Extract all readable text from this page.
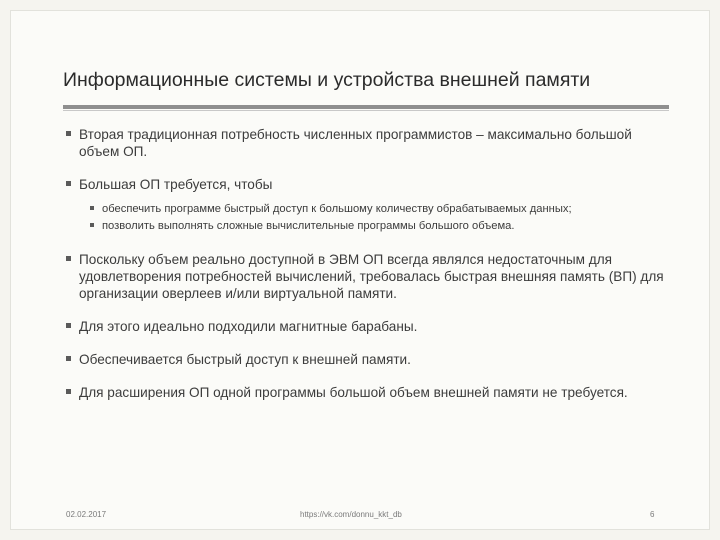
Информационные системы и устройства внешней памяти
Вторая традиционная потребность численных программистов – максимально большой объем ОП.
Большая ОП требуется, чтобы
обеспечить программе быстрый доступ к большому количеству обрабатываемых данных;
позволить выполнять сложные вычислительные программы большого объема.
Поскольку объем реально доступной в ЭВМ ОП всегда являлся недостаточным для удовлетворения потребностей вычислений, требовалась быстрая внешняя память (ВП) для организации оверлеев и/или виртуальной памяти.
Для этого идеально подходили магнитные барабаны.
Обеспечивается быстрый доступ к внешней памяти.
Для расширения ОП одной программы большой объем внешней памяти не требуется.
02.02.2017	https://vk.com/donnu_kkt_db	6
